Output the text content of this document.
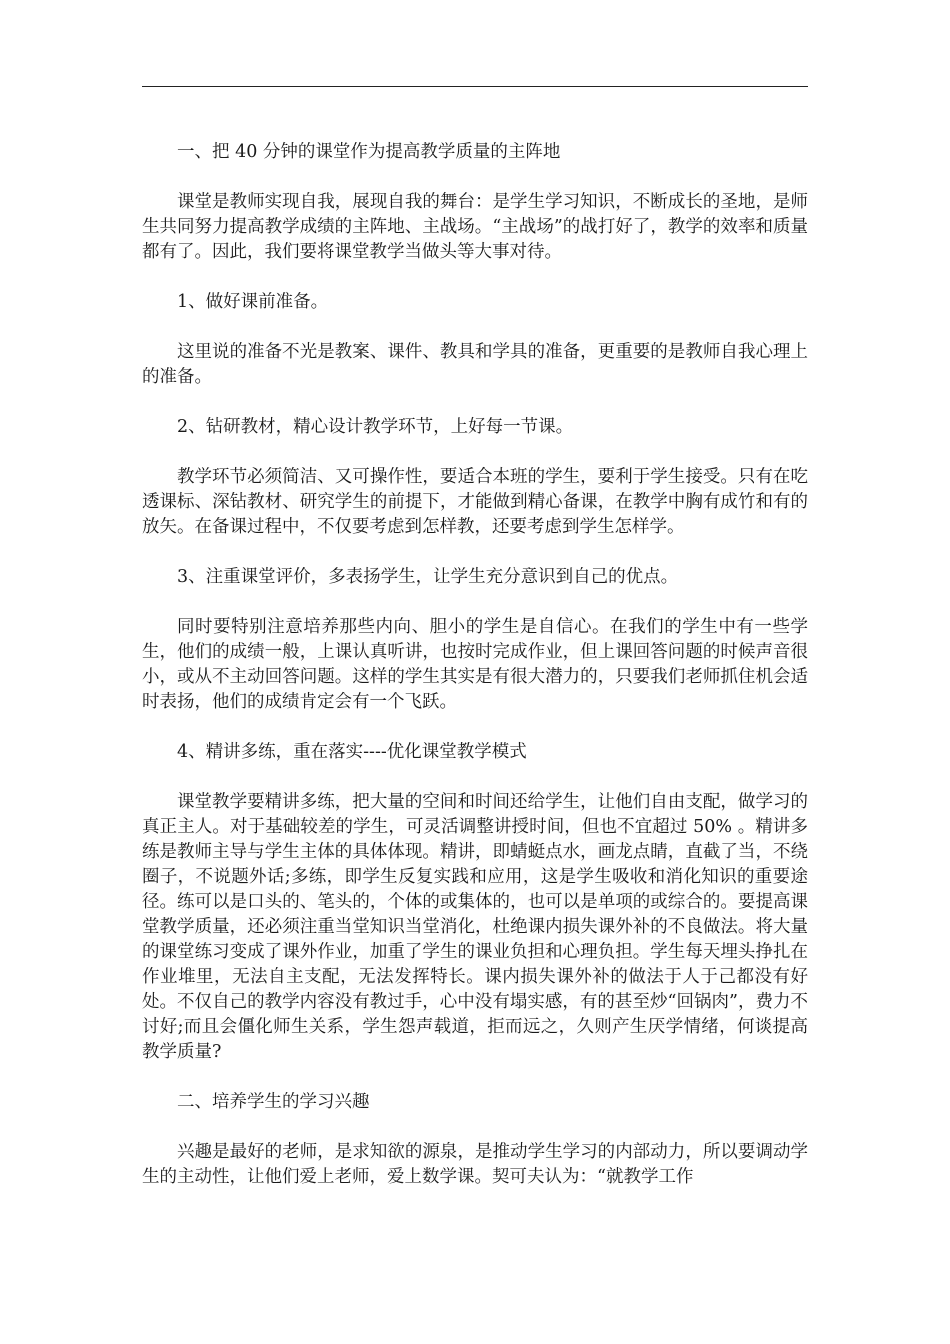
一、把 40 分钟的课堂作为提高教学质量的主阵地

课堂是教师实现自我，展现自我的舞台：是学生学习知识，不断成长的圣地，是师生共同努力提高教学成绩的主阵地、主战场。“主战场”的战打好了，教学的效率和质量都有了。因此，我们要将课堂教学当做头等大事对待。

1、做好课前准备。

这里说的准备不光是教案、课件、教具和学具的准备，更重要的是教师自我心理上的准备。

2、钻研教材，精心设计教学环节，上好每一节课。

教学环节必须简洁、又可操作性，要适合本班的学生，要利于学生接受。只有在吃透课标、深钻教材、研究学生的前提下，才能做到精心备课，在教学中胸有成竹和有的放矢。在备课过程中，不仅要考虑到怎样教，还要考虑到学生怎样学。

3、注重课堂评价，多表扬学生，让学生充分意识到自己的优点。

同时要特别注意培养那些内向、胆小的学生是自信心。在我们的学生中有一些学生，他们的成绩一般，上课认真听讲，也按时完成作业，但上课回答问题的时候声音很小，或从不主动回答问题。这样的学生其实是有很大潜力的，只要我们老师抓住机会适时表扬，他们的成绩肯定会有一个飞跃。

4、精讲多练，重在落实----优化课堂教学模式

课堂教学要精讲多练，把大量的空间和时间还给学生，让他们自由支配，做学习的真正主人。对于基础较差的学生，可灵活调整讲授时间，但也不宜超过 50% 。精讲多练是教师主导与学生主体的具体体现。精讲，即蜻蜓点水，画龙点睛，直截了当，不绕圈子，不说题外话;多练，即学生反复实践和应用，这是学生吸收和消化知识的重要途径。练可以是口头的、笔头的，个体的或集体的，也可以是单项的或综合的。要提高课堂教学质量，还必须注重当堂知识当堂消化，杜绝课内损失课外补的不良做法。将大量的课堂练习变成了课外作业，加重了学生的课业负担和心理负担。学生每天埋头挣扎在作业堆里，无法自主支配，无法发挥特长。课内损失课外补的做法于人于己都没有好处。不仅自己的教学内容没有教过手，心中没有塌实感，有的甚至炒“回锅肉”，费力不讨好;而且会僵化师生关系，学生怨声载道，拒而远之，久则产生厌学情绪，何谈提高教学质量?

二、培养学生的学习兴趣

兴趣是最好的老师，是求知欲的源泉，是推动学生学习的内部动力，所以要调动学生的主动性，让他们爱上老师，爱上数学课。契可夫认为：“就教学工作
